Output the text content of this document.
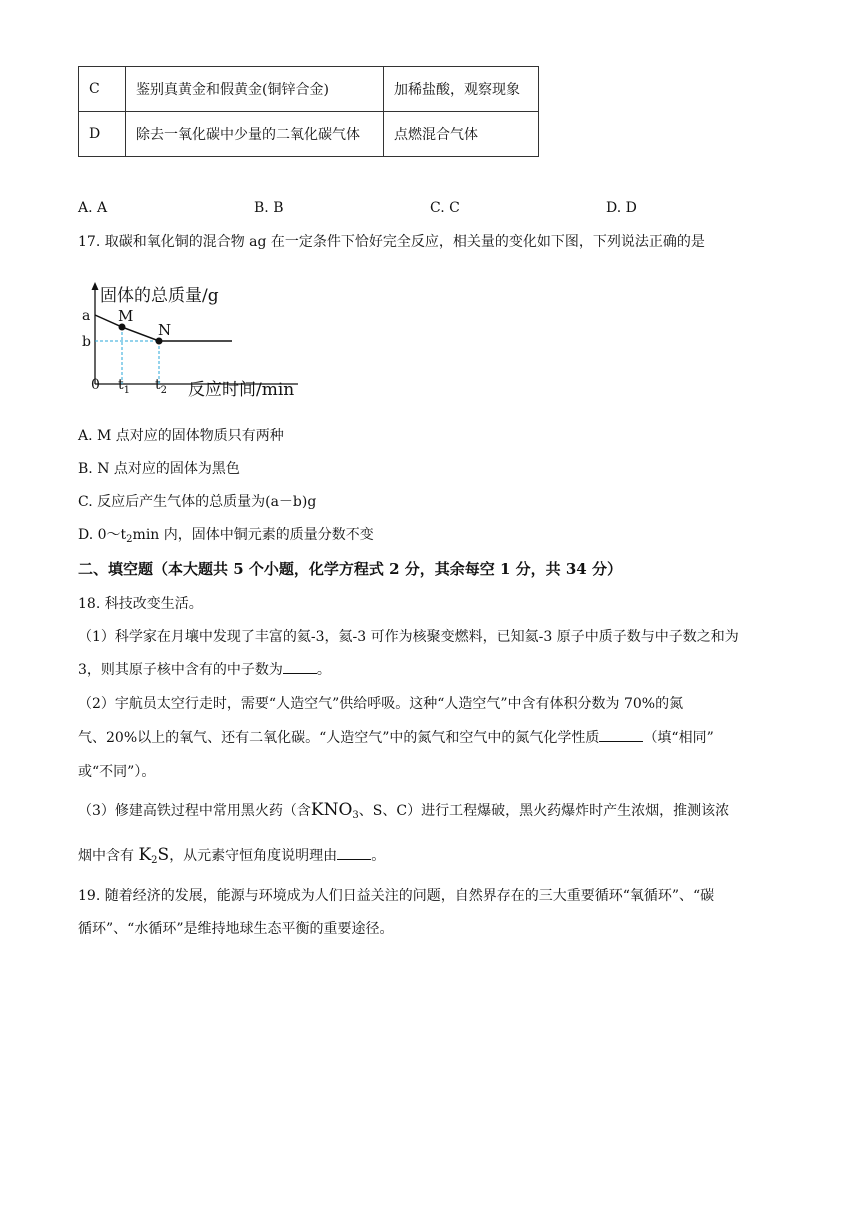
C	鉴别真黄金和假黄金(铜锌合金)	加稀盐酸，观察现象
D	除去一氧化碳中少量的二氧化碳气体	点燃混合气体
A. A	B. B	C. C	D. D
17. 取碳和氧化铜的混合物 ag 在一定条件下恰好完全反应，相关量的变化如下图，下列说法正确的是
固体的总质量/g
反应时间/min
0
a
b
$t_1$ $t_2$
M
N
A. M 点对应的固体物质只有两种
B. N 点对应的固体为黑色
C. 反应后产生气体的总质量为(a－b)g
D. $0\sim t_2\min$ 内，固体中铜元素的质量分数不变
二、填空题（本大题共 5 个小题，化学方程式 2 分，其余每空 1 分，共 34 分）
18. 科技改变生活。
（1）科学家在月壤中发现了丰富的氦-3，氦-3 可作为核聚变燃料，已知氦-3 原子中质子数与中子数之和为
3，则其原子核中含有的中子数为 。
（2）宇航员太空行走时，需要“人造空气”供给呼吸。这种“人造空气”中含有体积分数为 70%的氮
气、20%以上的氧气、还有二氧化碳。“人造空气”中的氮气和空气中的氮气化学性质	（填“相同”
或“不同”）。
（3）修建高铁过程中常用黑火药（含$KNO_3$、S、C）进行工程爆破，黑火药爆炸时产生浓烟，推测该浓
烟中含有 $K_2S$，从元素守恒角度说明理由 。
19. 随着经济的发展，能源与环境成为人们日益关注的问题，自然界存在的三大重要循环“氧循环”、“碳
循环”、“水循环”是维持地球生态平衡的重要途径。
